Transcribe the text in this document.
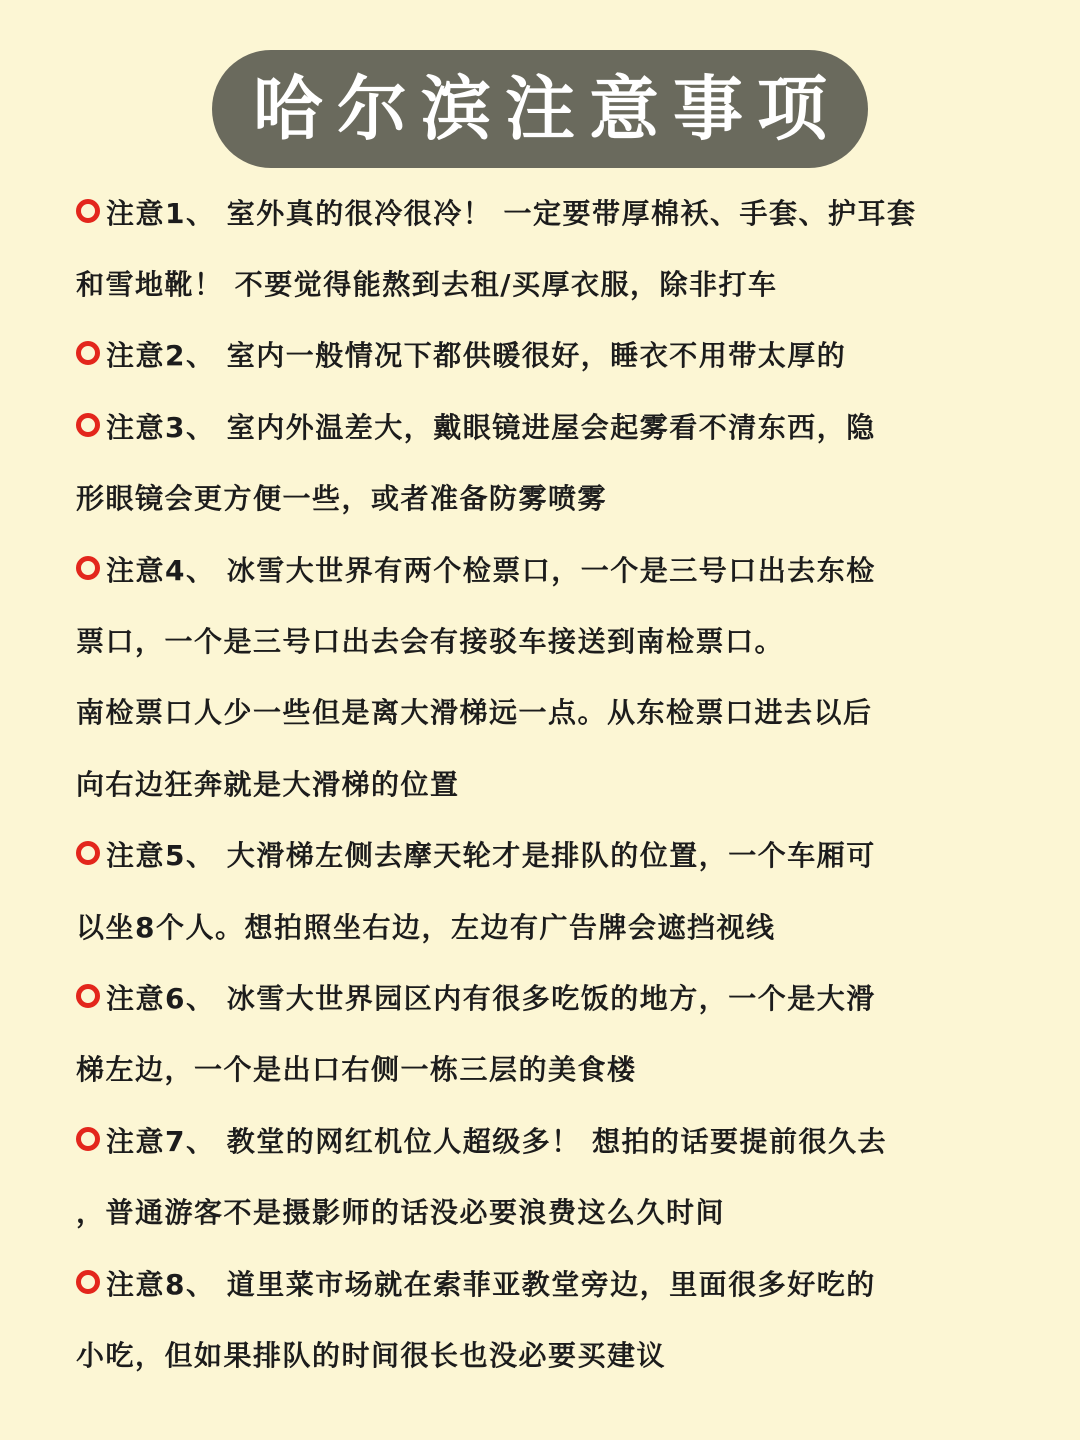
哈尔滨注意事项
注意1、 室外真的很冷很冷！ 一定要带厚棉袄、手套、护耳套
和雪地靴！ 不要觉得能熬到去租/买厚衣服，除非打车
注意2、 室内一般情况下都供暖很好，睡衣不用带太厚的
注意3、 室内外温差大，戴眼镜进屋会起雾看不清东西，隐
形眼镜会更方便一些，或者准备防雾喷雾
注意4、 冰雪大世界有两个检票口，一个是三号口出去东检
票口，一个是三号口出去会有接驳车接送到南检票口。
南检票口人少一些但是离大滑梯远一点。从东检票口进去以后
向右边狂奔就是大滑梯的位置
注意5、 大滑梯左侧去摩天轮才是排队的位置，一个车厢可
以坐8个人。想拍照坐右边，左边有广告牌会遮挡视线
注意6、 冰雪大世界园区内有很多吃饭的地方，一个是大滑
梯左边，一个是出口右侧一栋三层的美食楼
注意7、 教堂的网红机位人超级多！ 想拍的话要提前很久去
，普通游客不是摄影师的话没必要浪费这么久时间
注意8、 道里菜市场就在索菲亚教堂旁边，里面很多好吃的
小吃，但如果排队的时间很长也没必要买建议
